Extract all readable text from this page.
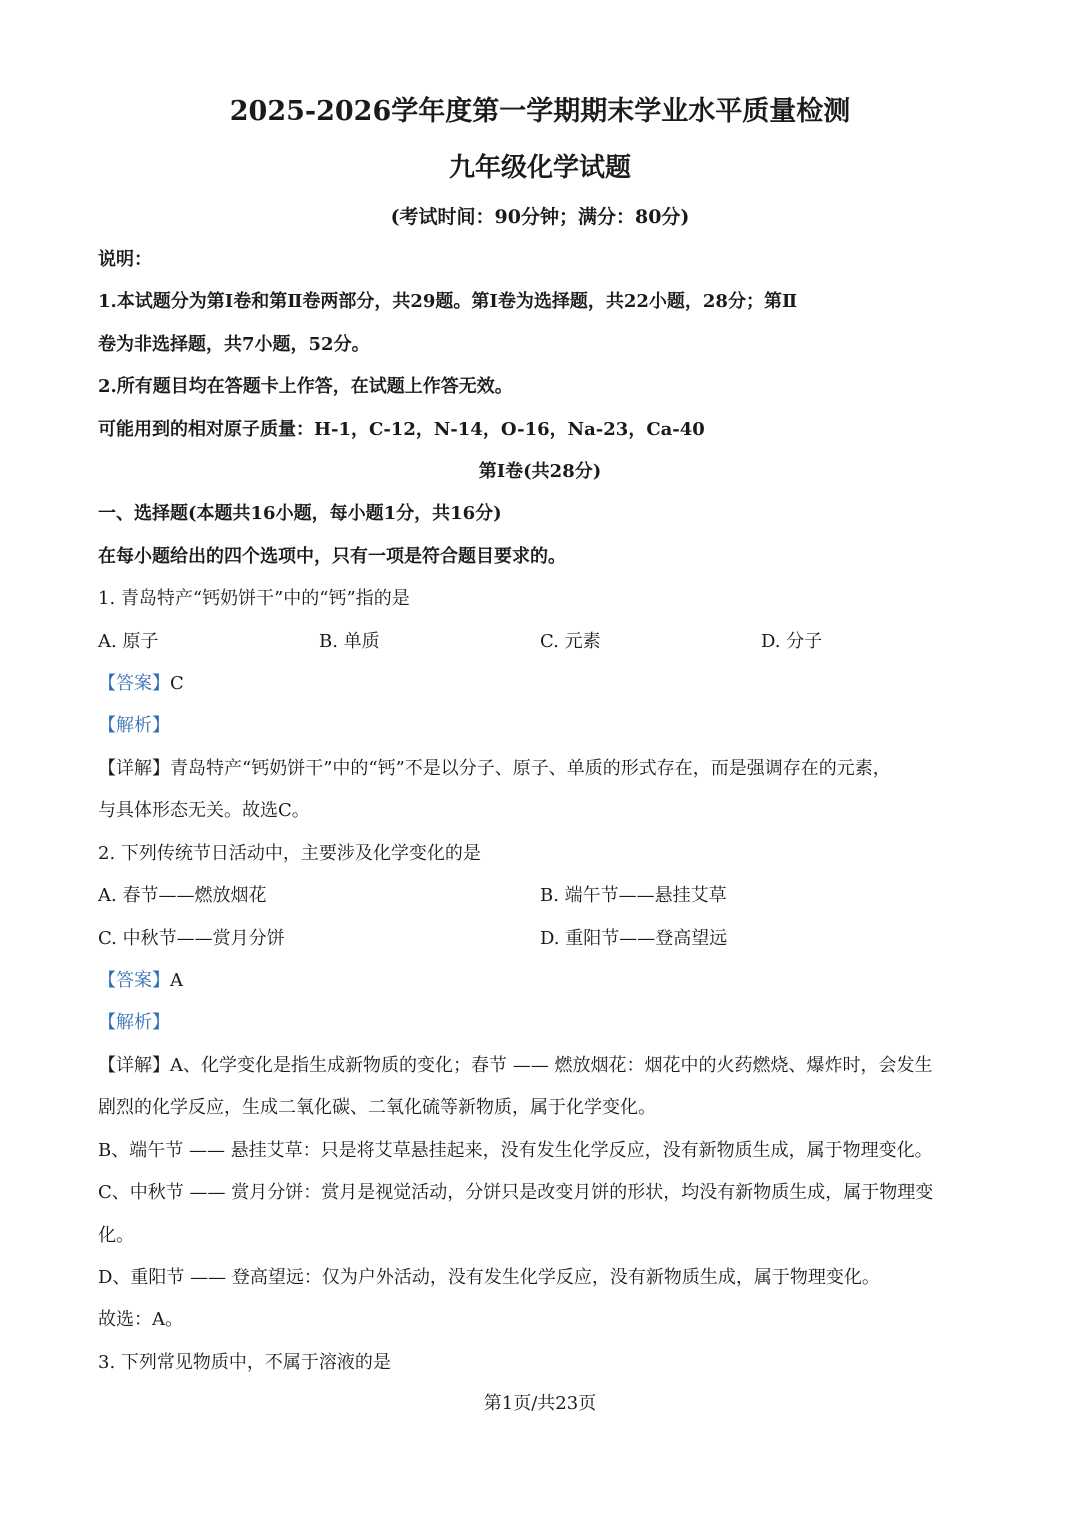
2025-2026学年度第一学期期末学业水平质量检测
九年级化学试题
(考试时间：90分钟；满分：80分)
说明：
1.本试题分为第Ⅰ卷和第Ⅱ卷两部分，共29题。第Ⅰ卷为选择题，共22小题，28分；第Ⅱ
卷为非选择题，共7小题，52分。
2.所有题目均在答题卡上作答，在试题上作答无效。
可能用到的相对原子质量：H-1，C-12，N-14，O-16，Na-23，Ca-40
第Ⅰ卷(共28分)
一、选择题(本题共16小题，每小题1分，共16分)
在每小题给出的四个选项中，只有一项是符合题目要求的。
1. 青岛特产“钙奶饼干”中的“钙”指的是
A. 原子	B. 单质	C. 元素	D. 分子
【答案】C
【解析】
【详解】青岛特产“钙奶饼干”中的“钙”不是以分子、原子、单质的形式存在，而是强调存在的元素，
与具体形态无关。故选C。
2. 下列传统节日活动中，主要涉及化学变化的是
A. 春节——燃放烟花	B. 端午节——悬挂艾草
C. 中秋节——赏月分饼	D. 重阳节——登高望远
【答案】A
【解析】
【详解】A、化学变化是指生成新物质的变化；春节 —— 燃放烟花：烟花中的火药燃烧、爆炸时，会发生
剧烈的化学反应，生成二氧化碳、二氧化硫等新物质，属于化学变化。
B、端午节 —— 悬挂艾草：只是将艾草悬挂起来，没有发生化学反应，没有新物质生成，属于物理变化。
C、中秋节 —— 赏月分饼：赏月是视觉活动，分饼只是改变月饼的形状，均没有新物质生成，属于物理变
化。
D、重阳节 —— 登高望远：仅为户外活动，没有发生化学反应，没有新物质生成，属于物理变化。
故选：A。
3. 下列常见物质中，不属于溶液的是
第1页/共23页
